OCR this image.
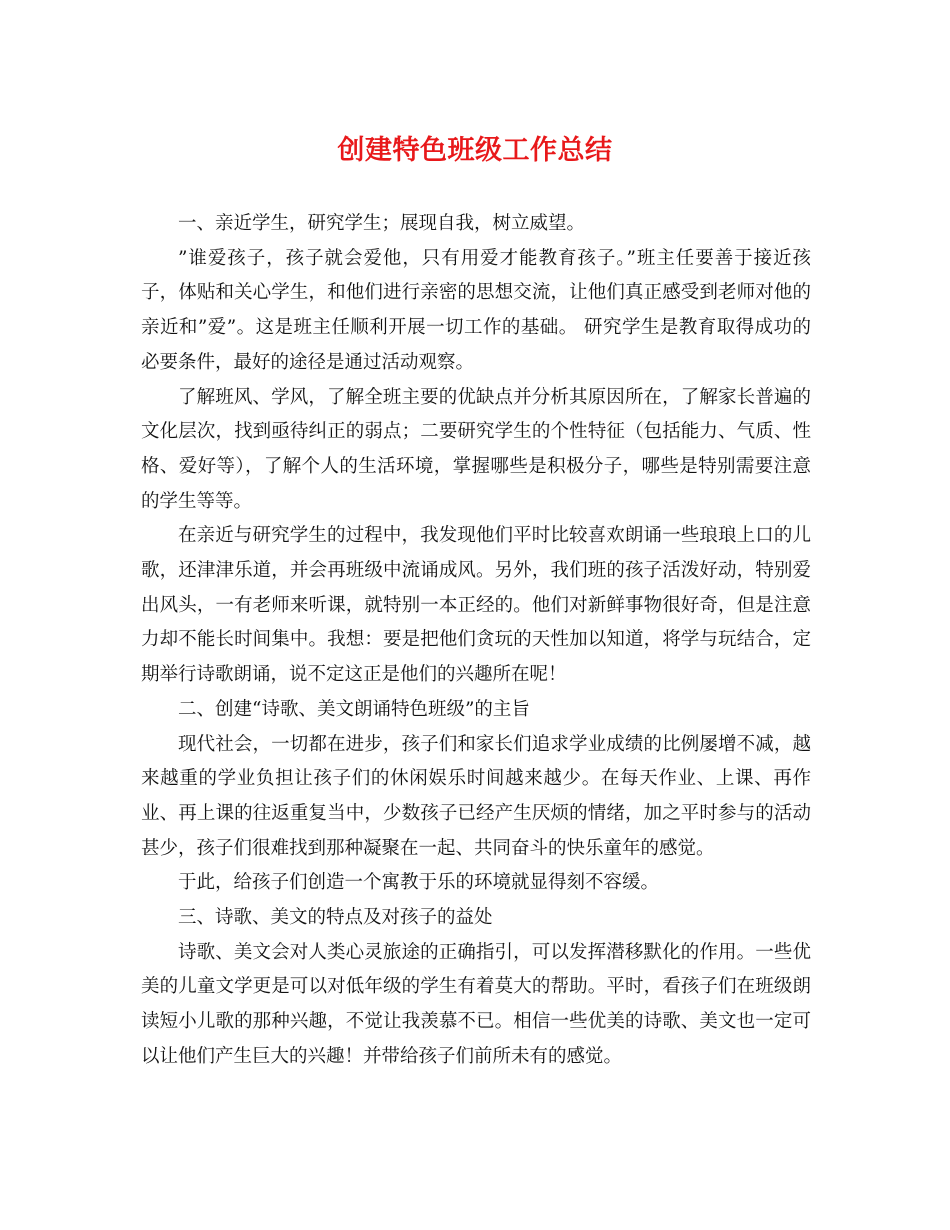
创建特色班级工作总结

一、亲近学生，研究学生；展现自我，树立威望。

”谁爱孩子，孩子就会爱他，只有用爱才能教育孩子。”班主任要善于接近孩子，体贴和关心学生，和他们进行亲密的思想交流，让他们真正感受到老师对他的亲近和”爱”。这是班主任顺利开展一切工作的基础。 研究学生是教育取得成功的必要条件，最好的途径是通过活动观察。

了解班风、学风，了解全班主要的优缺点并分析其原因所在，了解家长普遍的文化层次，找到亟待纠正的弱点；二要研究学生的个性特征（包括能力、气质、性格、爱好等），了解个人的生活环境，掌握哪些是积极分子，哪些是特别需要注意的学生等等。

在亲近与研究学生的过程中，我发现他们平时比较喜欢朗诵一些琅琅上口的儿歌，还津津乐道，并会再班级中流诵成风。另外，我们班的孩子活泼好动，特别爱出风头，一有老师来听课，就特别一本正经的。他们对新鲜事物很好奇，但是注意力却不能长时间集中。我想：要是把他们贪玩的天性加以知道，将学与玩结合，定期举行诗歌朗诵，说不定这正是他们的兴趣所在呢！

二、创建“诗歌、美文朗诵特色班级”的主旨

现代社会，一切都在进步，孩子们和家长们追求学业成绩的比例屡增不减，越来越重的学业负担让孩子们的休闲娱乐时间越来越少。在每天作业、上课、再作业、再上课的往返重复当中，少数孩子已经产生厌烦的情绪，加之平时参与的活动甚少，孩子们很难找到那种凝聚在一起、共同奋斗的快乐童年的感觉。

于此，给孩子们创造一个寓教于乐的环境就显得刻不容缓。

三、诗歌、美文的特点及对孩子的益处

诗歌、美文会对人类心灵旅途的正确指引，可以发挥潜移默化的作用。一些优美的儿童文学更是可以对低年级的学生有着莫大的帮助。平时，看孩子们在班级朗读短小儿歌的那种兴趣，不觉让我羡慕不已。相信一些优美的诗歌、美文也一定可以让他们产生巨大的兴趣！并带给孩子们前所未有的感觉。
